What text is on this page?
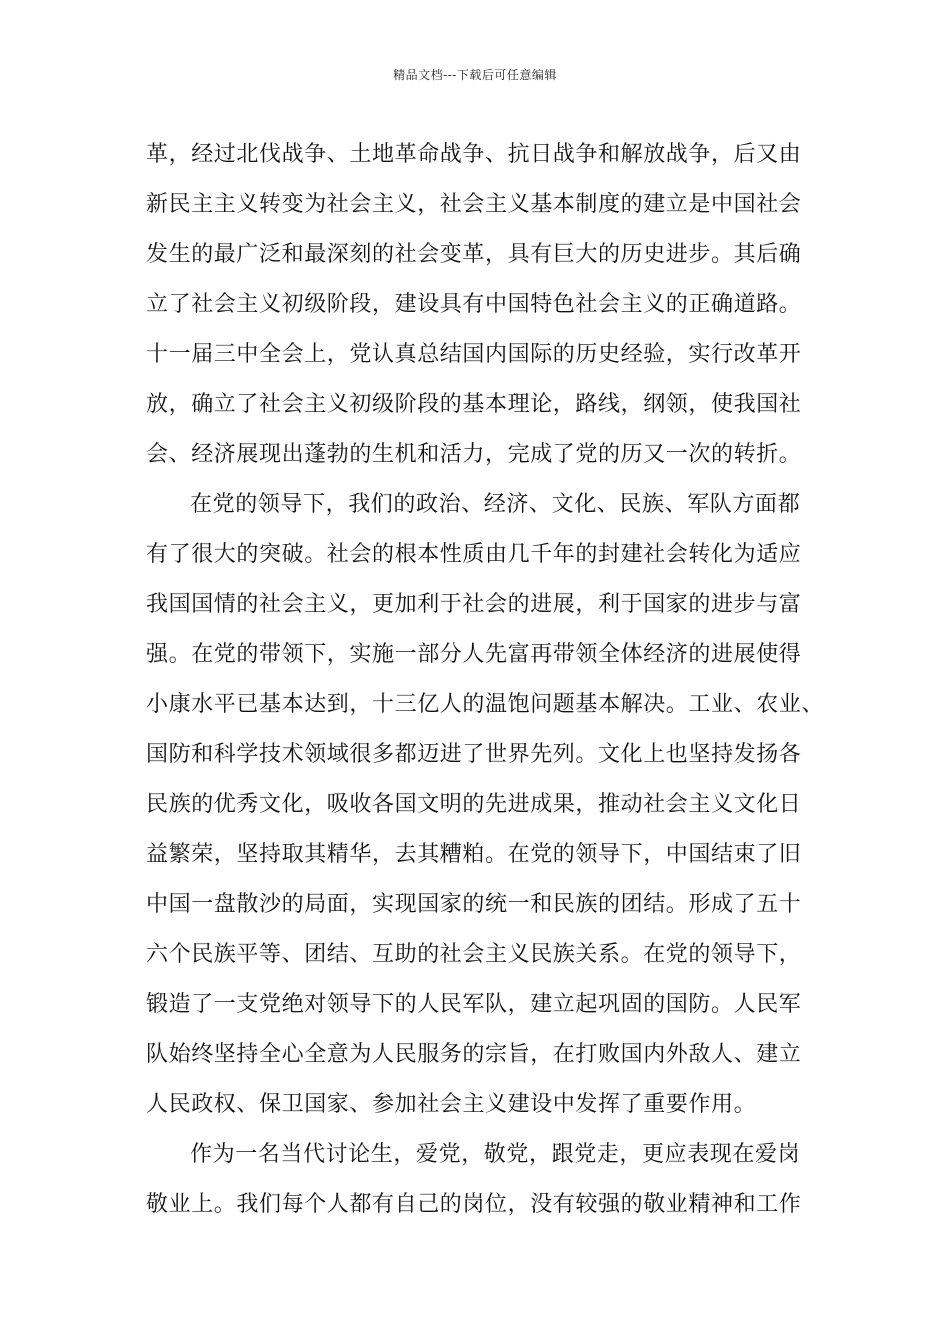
精品文档---下载后可任意编辑
革，经过北伐战争、土地革命战争、抗日战争和解放战争，后又由
新民主主义转变为社会主义，社会主义基本制度的建立是中国社会
发生的最广泛和最深刻的社会变革，具有巨大的历史进步。其后确
立了社会主义初级阶段，建设具有中国特色社会主义的正确道路。
十一届三中全会上，党认真总结国内国际的历史经验，实行改革开
放，确立了社会主义初级阶段的基本理论，路线，纲领，使我国社
会、经济展现出蓬勃的生机和活力，完成了党的历又一次的转折。
在党的领导下，我们的政治、经济、文化、民族、军队方面都
有了很大的突破。社会的根本性质由几千年的封建社会转化为适应
我国国情的社会主义，更加利于社会的进展，利于国家的进步与富
强。在党的带领下，实施一部分人先富再带领全体经济的进展使得
小康水平已基本达到，十三亿人的温饱问题基本解决。工业、农业、
国防和科学技术领域很多都迈进了世界先列。文化上也坚持发扬各
民族的优秀文化，吸收各国文明的先进成果，推动社会主义文化日
益繁荣，坚持取其精华，去其糟粕。在党的领导下，中国结束了旧
中国一盘散沙的局面，实现国家的统一和民族的团结。形成了五十
六个民族平等、团结、互助的社会主义民族关系。在党的领导下，
锻造了一支党绝对领导下的人民军队，建立起巩固的国防。人民军
队始终坚持全心全意为人民服务的宗旨，在打败国内外敌人、建立
人民政权、保卫国家、参加社会主义建设中发挥了重要作用。
作为一名当代讨论生，爱党，敬党，跟党走，更应表现在爱岗
敬业上。我们每个人都有自己的岗位，没有较强的敬业精神和工作
